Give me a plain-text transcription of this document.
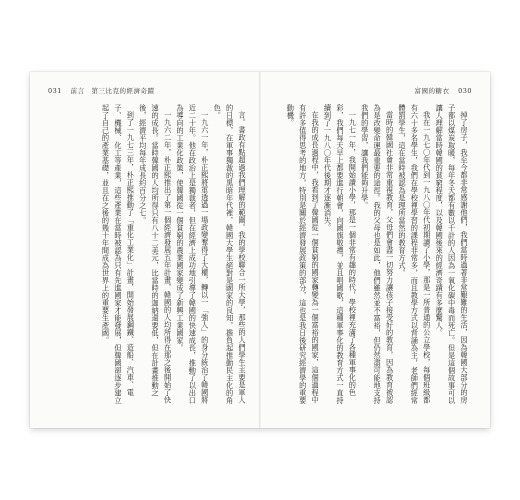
031 前言　第三比克的經濟奇蹟	富國的糖衣 030

言。書政有點超過我們理解的範圍。我的學校聯合一所大學，那些的人們學生主要是軍人的日標，在軍事獨裁的黑暗年代裡，韓國大學生絕對是國家的良知，擔負起推動民主化的角色。

一九六一年，朴正熙將軍透過一場政變奪得了大權，轉以一「強人」的身分統治了韓國將近二十年。他在政治上是獨裁者，但在經濟上成功地引導了韓國的快速成長，推動了以出口為導向的工業化政策，使韓國從一個貧窮的農業國家變成了新興工業國家。

一九六二年，朴正熙推出了第一個經濟發展五年計畫，韓國的人均所得在那之後開始了快速的成長。當時韓國的人均所得只有八十二美元，比當時的迦納還要低，但在計畫推動之後，經濟平均每年成長約百分之七。

到了一九七三年，朴正熙推動了「重化工業化」計畫，開始發展鋼鐵、造船、汽車、電子、機械、化工等產業，這些產業在當時被認為只有先進國家才能發展，但韓國卻逐步建立起了自己的產業基礎，並且在之後的幾十年間成為世界上的重要生產國。	掉了房子，我至今都非常感謝他們，我們當時過著非常艱難的生活，因為韓國大部分的房子都以煤炭取暖，每年冬天都有數以千計的人因為一氧化碳中毒而死亡。但是這個故事可以讓人理解當時韓國的貧窮程度，以及韓國後來的經濟奇蹟有多麼驚人。

我在一九七〇年代到一九八〇年代初期讀了小學，那是一所普通的公立學校，每個班級都有六十多名學生，我們在學校裡學習的課程非常多，而且教學方式以背誦為主，老師們經常體罰學生，這在當時被認為是理所當然的教育方式。

當時的韓國社會非常重視教育，父母們會盡一切努力讓孩子接受好的教育，因為教育被認為是改變命運最重要的途徑。我的父母也是如此，他們雖然並不富裕，但仍然盡可能地支持我們的學習，讓我們能夠升學。

一九七一年，我開始讀小學，那是一個非常有趣的時代，學校裡充滿了各種軍事化的色彩，我們每天早上都要進行朝會，向國旗敬禮，並且唱國歌，這種軍事化的教育方式一直持續到了一九八〇年代後期才逐漸消失。

在我的成長過程中，我看到了韓國從一個貧窮的國家轉變為一個富裕的國家，這個過程中有許多值得思考的地方，特別是關於經濟發展政策的部分，這也是我日後研究經濟學的重要動機。
